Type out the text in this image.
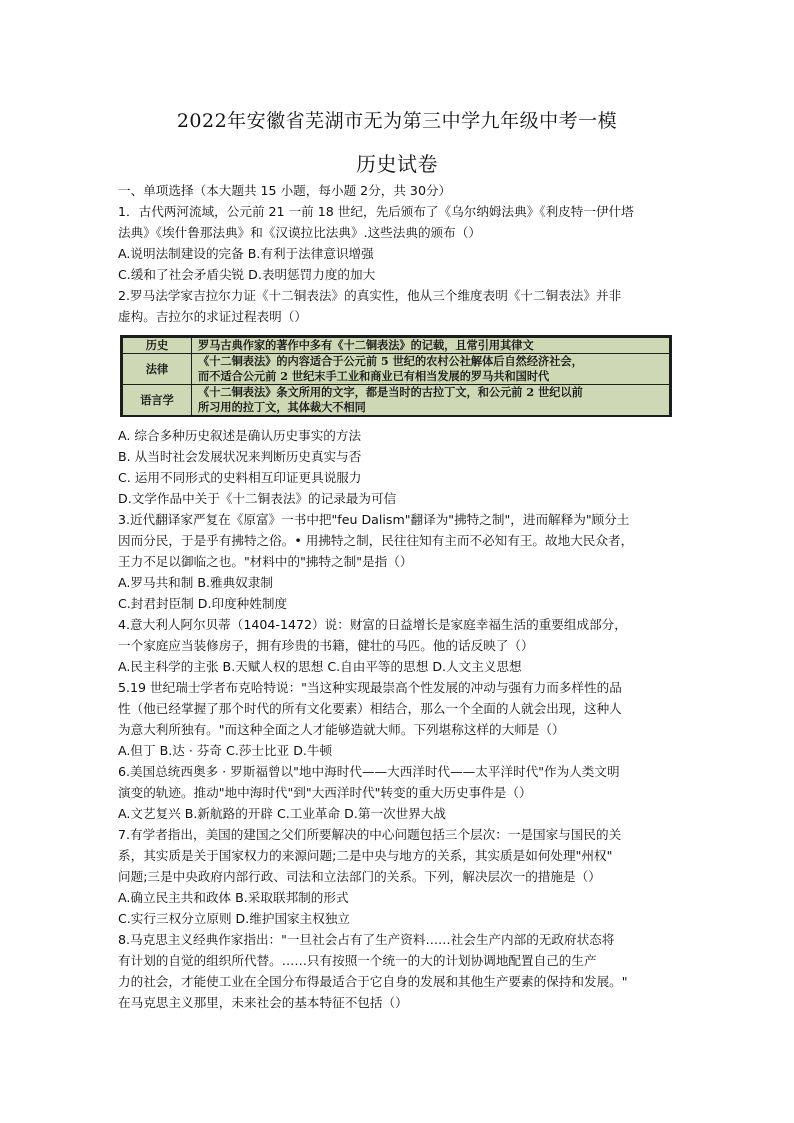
2022年安徽省芜湖市无为第三中学九年级中考一模
历史试卷
一、单项选择（本大题共 15 小题，每小题 2分，共 30分）
1．古代两河流域，公元前 21 一前 18 世纪，先后颁布了《乌尔纳姆法典》《利皮特一伊什塔
法典》《埃什鲁那法典》和《汉谟拉比法典》.这些法典的颁布（）
A.说明法制建设的完备 B.有利于法律意识增强
C.缓和了社会矛盾尖锐 D.表明惩罚力度的加大
2.罗马法学家吉拉尔力证《十二铜表法》的真实性，他从三个维度表明《十二铜表法》并非
虚构。吉拉尔的求证过程表明（）
历史	罗马古典作家的著作中多有《十二铜表法》的记载，且常引用其律文

法律	《十二铜表法》的内容适合于公元前 5 世纪的农村公社解体后自然经济社会，
而不适合公元前 2 世纪末手工业和商业已有相当发展的罗马共和国时代

语言学	《十二铜表法》条文所用的文字，都是当时的古拉丁文，和公元前 2 世纪以前
所习用的拉丁文，其体裁大不相同
A. 综合多种历史叙述是确认历史事实的方法
B. 从当时社会发展状况来判断历史真实与否
C. 运用不同形式的史料相互印证更具说服力
D.文学作品中关于《十二铜表法》的记录最为可信
3.近代翻译家严复在《原富》一书中把"feu Dalism"翻译为"拂特之制"，进而解释为"顾分土
因而分民，于是乎有拂特之俗。• 用拂特之制，民往往知有主而不必知有王。故地大民众者，
王力不足以御临之也。"材料中的"拂特之制"是指（）
A.罗马共和制 B.雅典奴隶制
C.封君封臣制 D.印度种姓制度
4.意大利人阿尔贝蒂（1404-1472）说：财富的日益增长是家庭幸福生活的重要组成部分，
一个家庭应当装修房子，拥有珍贵的书籍，健壮的马匹。他的话反映了（）
A.民主科学的主张 B.天赋人权的思想 C.自由平等的思想 D.人文主义思想
5.19 世纪瑞士学者布克哈特说："当这种实现最崇高个性发展的冲动与强有力而多样性的品
性（他已经掌握了那个时代的所有文化要素）相结合，那么一个全面的人就会出现，这种人
为意大利所独有。"而这种全面之人才能够造就大师。下列堪称这样的大师是（）
A.但丁 B.达 · 芬奇 C.莎士比亚 D.牛顿
6.美国总统西奥多 · 罗斯福曾以"地中海时代——大西洋时代——太平洋时代"作为人类文明
演变的轨迹。推动"地中海时代"到"大西洋时代"转变的重大历史事件是（）
A.文艺复兴 B.新航路的开辟 C.工业革命 D.第一次世界大战
7.有学者指出，美国的建国之父们所要解决的中心问题包括三个层次：一是国家与国民的关
系，其实质是关于国家权力的来源问题;二是中央与地方的关系，其实质是如何处理"州权"
问题;三是中央政府内部行政、司法和立法部门的关系。下列，解决层次一的措施是（）
A.确立民主共和政体 B.采取联邦制的形式
C.实行三权分立原则 D.维护国家主权独立
8.马克思主义经典作家指出："一旦社会占有了生产资料……社会生产内部的无政府状态将
有计划的自觉的组织所代替。……只有按照一个统一的大的计划协调地配置自己的生产
力的社会，才能使工业在全国分布得最适合于它自身的发展和其他生产要素的保持和发展。"
在马克思主义那里，未来社会的基本特征不包括（）
